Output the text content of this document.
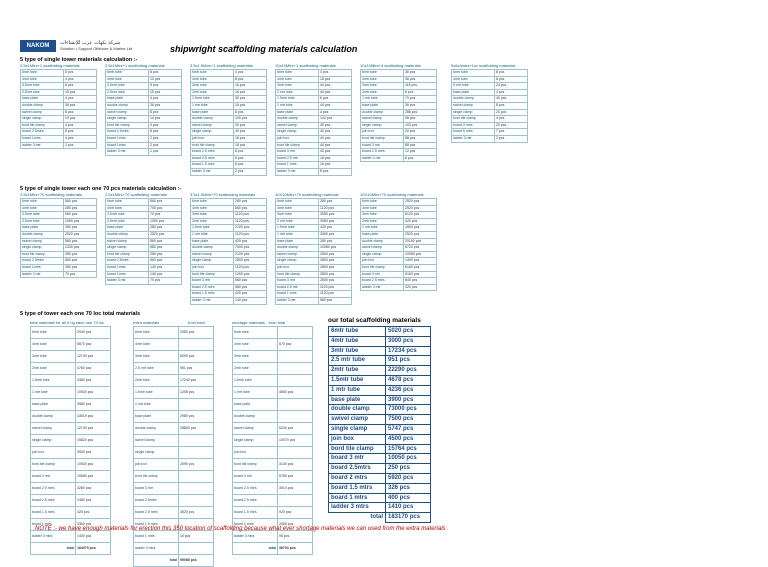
NAKOM	شركة نكهات عرب للإنشاءات
Solution • Support Offshore & Marine Ltd	shipwright scaffolding materials calculation
5 type of single tower materials calculation :-
2.5x1Mtrs+1 scaffolding materials
6mtr tube	8 pcs
4mtr tube	4 pcs
3.5mtr tube	8 pcs
2.5mtr tube	15 pcs
base plate	4 pcs
double clamp	36 pcs
swivel clamp	8 pcs
single clamp	19 pcs
bord tile clamp	4 pcs
board 2.5mtrs	8 pcs
board 1mtrs	4 pcs
ladder 3 mtr	1 pcs
2.5x1Mtrs+1 scaffolding materials
6mtr tube	8 pcs
4mtr tube	10 pcs
3.5mtr tube	5 pcs
2.5mtr tube	15 pcs
base plate	4 pcs
double clamp	36 pcs
swivel clamp	8 pcs
single clamp	14 pcs
bord tile clamp	4 pcs
board 2.5mtrs	8 pcs
board 1mtrs	2 pcs
board 1mtrs	2 pcs
ladder 3 mtr	1 pcs
3.5x1.5Mtrs+1 scaffolding materials
6mtr tube	4 pcs
4mtr tube	8 pcs
3mtr tube	16 pcs
2mtr tube	16 pcs
1.5mtr tube	30 pcs
1 mtr tube	16 pcs
base plate	6 pcs
double clamp	100 pcs
swivel clamp	30 pcs
single clamp	40 pcs
join box	16 pcs
bord tile clamp	18 pcs
board 2.5 mtrs	8 pcs
board 2.5 mtrs	8 pcs
board 1.5 mtrs	6 pcs
ladder 3 mtr	2 pcs
10x10Mtrs+1 scaffolding materials
6mtr tube	4 pcs
4mtr tube	16 pcs
3mtr tube	44 pcs
2 mtr tube	44 pcs
1.5mtr tube	6 pcs
1 mtr tube	44 pcs
base plate	4 pcs
double clamp	144 pcs
swivel clamp	40 pcs
single clamp	40 pcs
join box	40 pcs
bord tile clamp	40 pcs
board 3 mtr	40 pcs
board 2.5 mtr	16 pcs
board 1 mtrs	16 pcs
ladder 3 mtr	8 pcs
10x10Mtrs+4 scaffolding materials
6mtr tube	36 pcs
4mtr tube	36 pcs
3mtr tube	116 pcs
2mtr tube	6 pcs
1 mtr tube	70 pcs
base plate	36 pcs
double clamp	288 pcs
swivel clamp	96 pcs
single clamp	103 pcs
join box	20 pcs
bord tile clamp	88 pcs
board 3 mtr	88 pcs
board 2.5 mtrs	12 pcs
ladder 3 mtr	6 pcs
5x5x4mtrs+1sc scaffolding materials
6mtr tube	8 pcs
4mtr tube	8 pcs
5 mtr tube	24 pcs
base plate	4 pcs
double clamp	40 pcs
swivel clamp	8 pcs
single clamp	20 pcs
bord tile clamp	4 pcs
board 3 mtrs	20 pcs
board 5 mtrs	7 pcs
ladder 3 mtr	2 pcs
5 type of single tower each one 70 pcs materials calculation :-
2.5x1Mtrs+70 scaffolding materials
6mtr tube	560 pcs
4mtr tube	280 pcs
3.5mtr tube	560 pcs
2.5mtr tube	1050 pcs
base plate	280 pcs
double clamp	2520 pcs
swivel clamp	560 pcs
single clamp	1330 pcs
bord tile clamp	280 pcs
board 2.5mtrs	560 pcs
board 1mtrs	280 pcs
ladder 3 mtr	70 pcs
2.5x1Mtrs+70 scaffolding materials
6mtr tube	560 pcs
4mtr tube	700 pcs
3.5mtr tube	70 pcs
2.5mtr tube	1050 pcs
base plate	280 pcs
double clamp	2520 pcs
swivel clamp	560 pcs
single clamp	980 pcs
bord tile clamp	280 pcs
board 2.5mtrs	560 pcs
board 1mtrs	140 pcs
board 1mtrs	140 pcs
ladder 3 mtr	70 pcs
3.5x1.5Mtrs+70 scaffolding materials
6mtr tube	280 pcs
4mtr tube	560 pcs
3mtr tube	1120 pcs
2mtr tube	1120 pcs
1.5mtr tube	2100 pcs
1 mtr tube	1120 pcs
base plate	420 pcs
double clamp	7000 pcs
swivel clamp	2100 pcs
single clamp	2800 pcs
join box	1120 pcs
bord tile clamp	1260 pcs
board 3 mtr	560 pcs
board 2.5 mtrs	560 pcs
board 1.5 mtrs	420 pcs
ladder 3 mtr	140 pcs
10X10Mtrs+70 scaffolding materials
6mtr tube	280 pcs
4mtr tube	1120 pcs
3mtr tube	3080 pcs
2 mtr tube	3080 pcs
1.5mtr tube	420 pcs
1 mtr tube	3080 pcs
base plate	280 pcs
double clamp	10080 pcs
swivel clamp	2800 pcs
single clamp	2800 pcs
join box	2800 pcs
bord tile clamp	2800 pcs
board 3 mtr	2800 pcs
board 2.5 mtr	1120 pcs
board 1 mtrs	1120 pcs
ladder 3 mtr	560 pcs
10X10Mtrs+70 scaffolding materials
6mtr tube	2520 pcs
4mtr tube	2520 pcs
3mtr tube	8120 pcs
2mtr tube	420 pcs
1 mtr tube	4900 pcs
base plate	2520 pcs
double clamp	20160 pcs
swivel clamp	6720 pcs
single clamp	10080 pcs
join box	1400 pcs
bord tile clamp	6160 pcs
board 3 mtr	6160 pcs
board 2.5 mtrs	840 pcs
ladder 3 mtr	420 pcs
5 type of tower each one 70 loc total materials
total materials for all 5 rig each one 70 loc
6mtr tube	2940 pcs
4mtr tube	5570 pcs
3mtr tube	12740 pcs
2mtr tube	4760 pcs
1.5mtr tube	3360 pcs
1 mtr tube	10920 pcs
base plate	3980 pcs
double clamp	43519 pcs
swivel clamp	12740 pcs
single clamp	15820 pcs
join box	3900 pcs
bord tile clamp	10920 pcs
board 3 mtr	10650 pcs
board 2.5 mtrs	3280 pcs
board 2.5 mtrs	1480 pcs
board 1.5 mtrs	420 pcs
board 1 mtrs	3360 pcs
ladder 3 mtrs	1400 pcs
total	164075 pcs
extra materials	from total
6mtr tube	2080 pcs
4mtr tube	
3mtr tube	6090 pcs
2.5 mtr tube	951 pcs
2mtr tube	17240 pcs
1.5mtr tube	1208 pcs
1 mtr tube	
base plate	2980 pcs
double clamp	28890 pcs
swivel clamp	
single clamp	
join box	2090 pcs
bord tile clamp	
board 3 mtr	
board 2.5mtrs	
board 2.5 mtrs	4520 pcs
board 1.5 mtrs	
board 1 mtrs	10 pcs
ladder 3 mtrs	
total	99068 pcs
shortage materials - from total
6mtr tube	
4mtr tube	570 pcs
3mtr tube	
2mtr tube	
1.5mtr tube	
1 mtr tube	4660 pcs
base plate	
double clamp	
swivel clamp	5240 pcs
single clamp	10070 pcs
join box	
bord tile clamp	3130 pcs
board 3 mtr	5780 pcs
board 2.5 mtrs	3010 pcs
board 2.5 mtrs	
board 1.5 mtrs	920 pcs
board 1 mtrs	2080 pcs
ladder 3 mtrs	95 pcs
total	36703 pcs
our total scaffolding materials
6mtr tube	5020 pcs
4mtr tube	3000 pcs
3mtr tube	17234 pcs
2.5 mtr tube	951 pcs
2mtr tube	22290 pcs
1.5mtr tube	4678 pcs
1 mtr tube	4236 pcs
base plate	3900 pcs
double clamp	73000 pcs
swivel clamp	7500 pcs
single clamp	5747 pcs
join box	4500 pcs
bord tile clamp	15764 pcs
board 3 mtr	10050 pcs
board 2.5mtrs	250 pcs
board 2 mtrs	5920 pcs
board 1.5 mtrs	326 pcs
board 1 mtrs	400 pcs
ladder 3 mtrs	1410 pcs
total	183170 pcs
NOTE :- we have enough materials for erection this 350 location of scaffolding because what ever shortage materials we can used from the extra materials .
